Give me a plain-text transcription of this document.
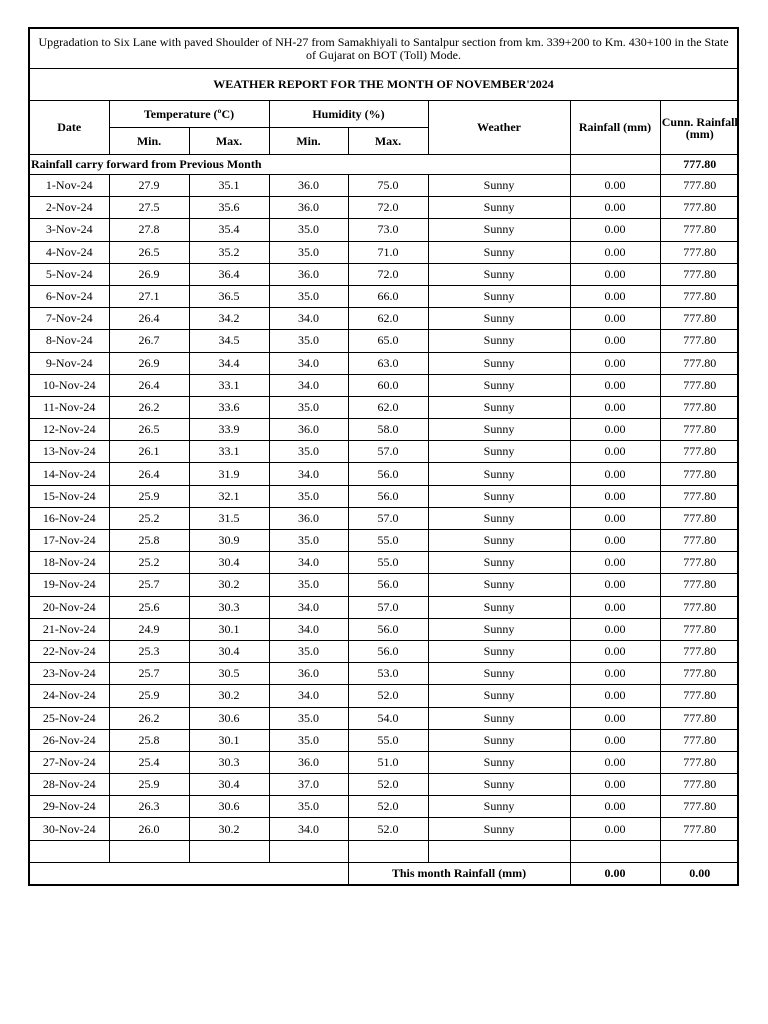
Upgradation to Six Lane with paved Shoulder of NH-27 from Samakhiyali to Santalpur section from km. 339+200 to Km. 430+100 in the State of Gujarat on BOT (Toll) Mode.
WEATHER REPORT FOR THE MONTH OF NOVEMBER'2024
Date	Temperature (ºC)		Humidity (%)		Weather	Rainfall (mm)	Cunn. Rainfall (mm)
	Min.	Max.	Min.	Max.			
Rainfall carry forward from Previous Month							777.80
1-Nov-24	27.9	35.1	36.0	75.0	Sunny	0.00	777.80
2-Nov-24	27.5	35.6	36.0	72.0	Sunny	0.00	777.80
3-Nov-24	27.8	35.4	35.0	73.0	Sunny	0.00	777.80
4-Nov-24	26.5	35.2	35.0	71.0	Sunny	0.00	777.80
5-Nov-24	26.9	36.4	36.0	72.0	Sunny	0.00	777.80
6-Nov-24	27.1	36.5	35.0	66.0	Sunny	0.00	777.80
7-Nov-24	26.4	34.2	34.0	62.0	Sunny	0.00	777.80
8-Nov-24	26.7	34.5	35.0	65.0	Sunny	0.00	777.80
9-Nov-24	26.9	34.4	34.0	63.0	Sunny	0.00	777.80
10-Nov-24	26.4	33.1	34.0	60.0	Sunny	0.00	777.80
11-Nov-24	26.2	33.6	35.0	62.0	Sunny	0.00	777.80
12-Nov-24	26.5	33.9	36.0	58.0	Sunny	0.00	777.80
13-Nov-24	26.1	33.1	35.0	57.0	Sunny	0.00	777.80
14-Nov-24	26.4	31.9	34.0	56.0	Sunny	0.00	777.80
15-Nov-24	25.9	32.1	35.0	56.0	Sunny	0.00	777.80
16-Nov-24	25.2	31.5	36.0	57.0	Sunny	0.00	777.80
17-Nov-24	25.8	30.9	35.0	55.0	Sunny	0.00	777.80
18-Nov-24	25.2	30.4	34.0	55.0	Sunny	0.00	777.80
19-Nov-24	25.7	30.2	35.0	56.0	Sunny	0.00	777.80
20-Nov-24	25.6	30.3	34.0	57.0	Sunny	0.00	777.80
21-Nov-24	24.9	30.1	34.0	56.0	Sunny	0.00	777.80
22-Nov-24	25.3	30.4	35.0	56.0	Sunny	0.00	777.80
23-Nov-24	25.7	30.5	36.0	53.0	Sunny	0.00	777.80
24-Nov-24	25.9	30.2	34.0	52.0	Sunny	0.00	777.80
25-Nov-24	26.2	30.6	35.0	54.0	Sunny	0.00	777.80
26-Nov-24	25.8	30.1	35.0	55.0	Sunny	0.00	777.80
27-Nov-24	25.4	30.3	36.0	51.0	Sunny	0.00	777.80
28-Nov-24	25.9	30.4	37.0	52.0	Sunny	0.00	777.80
29-Nov-24	26.3	30.6	35.0	52.0	Sunny	0.00	777.80
30-Nov-24	26.0	30.2	34.0	52.0	Sunny	0.00	777.80

				This month Rainfall (mm)		0.00	0.00
